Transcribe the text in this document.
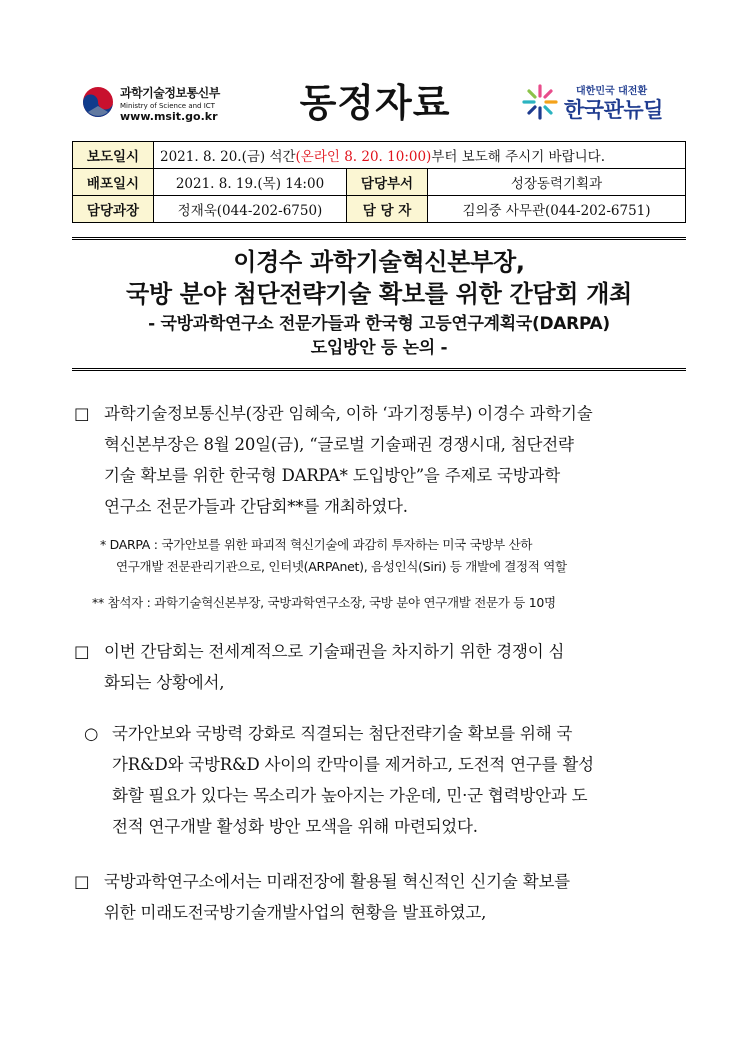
과학기술정보통신부
Ministry of Science and ICT
www.msit.go.kr	동정자료	대한민국 대전환
한국판뉴딜
보도일시	2021. 8. 20.(금) 석간(온라인 8. 20. 10:00)부터 보도해 주시기 바랍니다.		
배포일시	2021. 8. 19.(목) 14:00	담당부서	성장동력기획과
담당과장	정재욱(044-202-6750)	담 당 자	김의중 사무관(044-202-6751)
이경수 과학기술혁신본부장,
국방 분야 첨단전략기술 확보를 위한 간담회 개최
- 국방과학연구소 전문가들과 한국형 고등연구계획국(DARPA)
도입방안 등 논의 -
□ 과학기술정보통신부(장관 임혜숙, 이하 ‘과기정통부) 이경수 과학기술
혁신본부장은 8월 20일(금), “글로벌 기술패권 경쟁시대, 첨단전략
기술 확보를 위한 한국형 DARPA* 도입방안”을 주제로 국방과학
연구소 전문가들과 간담회**를 개최하였다.
* DARPA : 국가안보를 위한 파괴적 혁신기술에 과감히 투자하는 미국 국방부 산하
연구개발 전문관리기관으로, 인터넷(ARPAnet), 음성인식(Siri) 등 개발에 결정적 역할
** 참석자 : 과학기술혁신본부장, 국방과학연구소장, 국방 분야 연구개발 전문가 등 10명
□ 이번 간담회는 전세계적으로 기술패권을 차지하기 위한 경쟁이 심
화되는 상황에서,
○ 국가안보와 국방력 강화로 직결되는 첨단전략기술 확보를 위해 국
가R&D와 국방R&D 사이의 칸막이를 제거하고, 도전적 연구를 활성
화할 필요가 있다는 목소리가 높아지는 가운데, 민·군 협력방안과 도
전적 연구개발 활성화 방안 모색을 위해 마련되었다.
□ 국방과학연구소에서는 미래전장에 활용될 혁신적인 신기술 확보를
위한 미래도전국방기술개발사업의 현황을 발표하였고,
